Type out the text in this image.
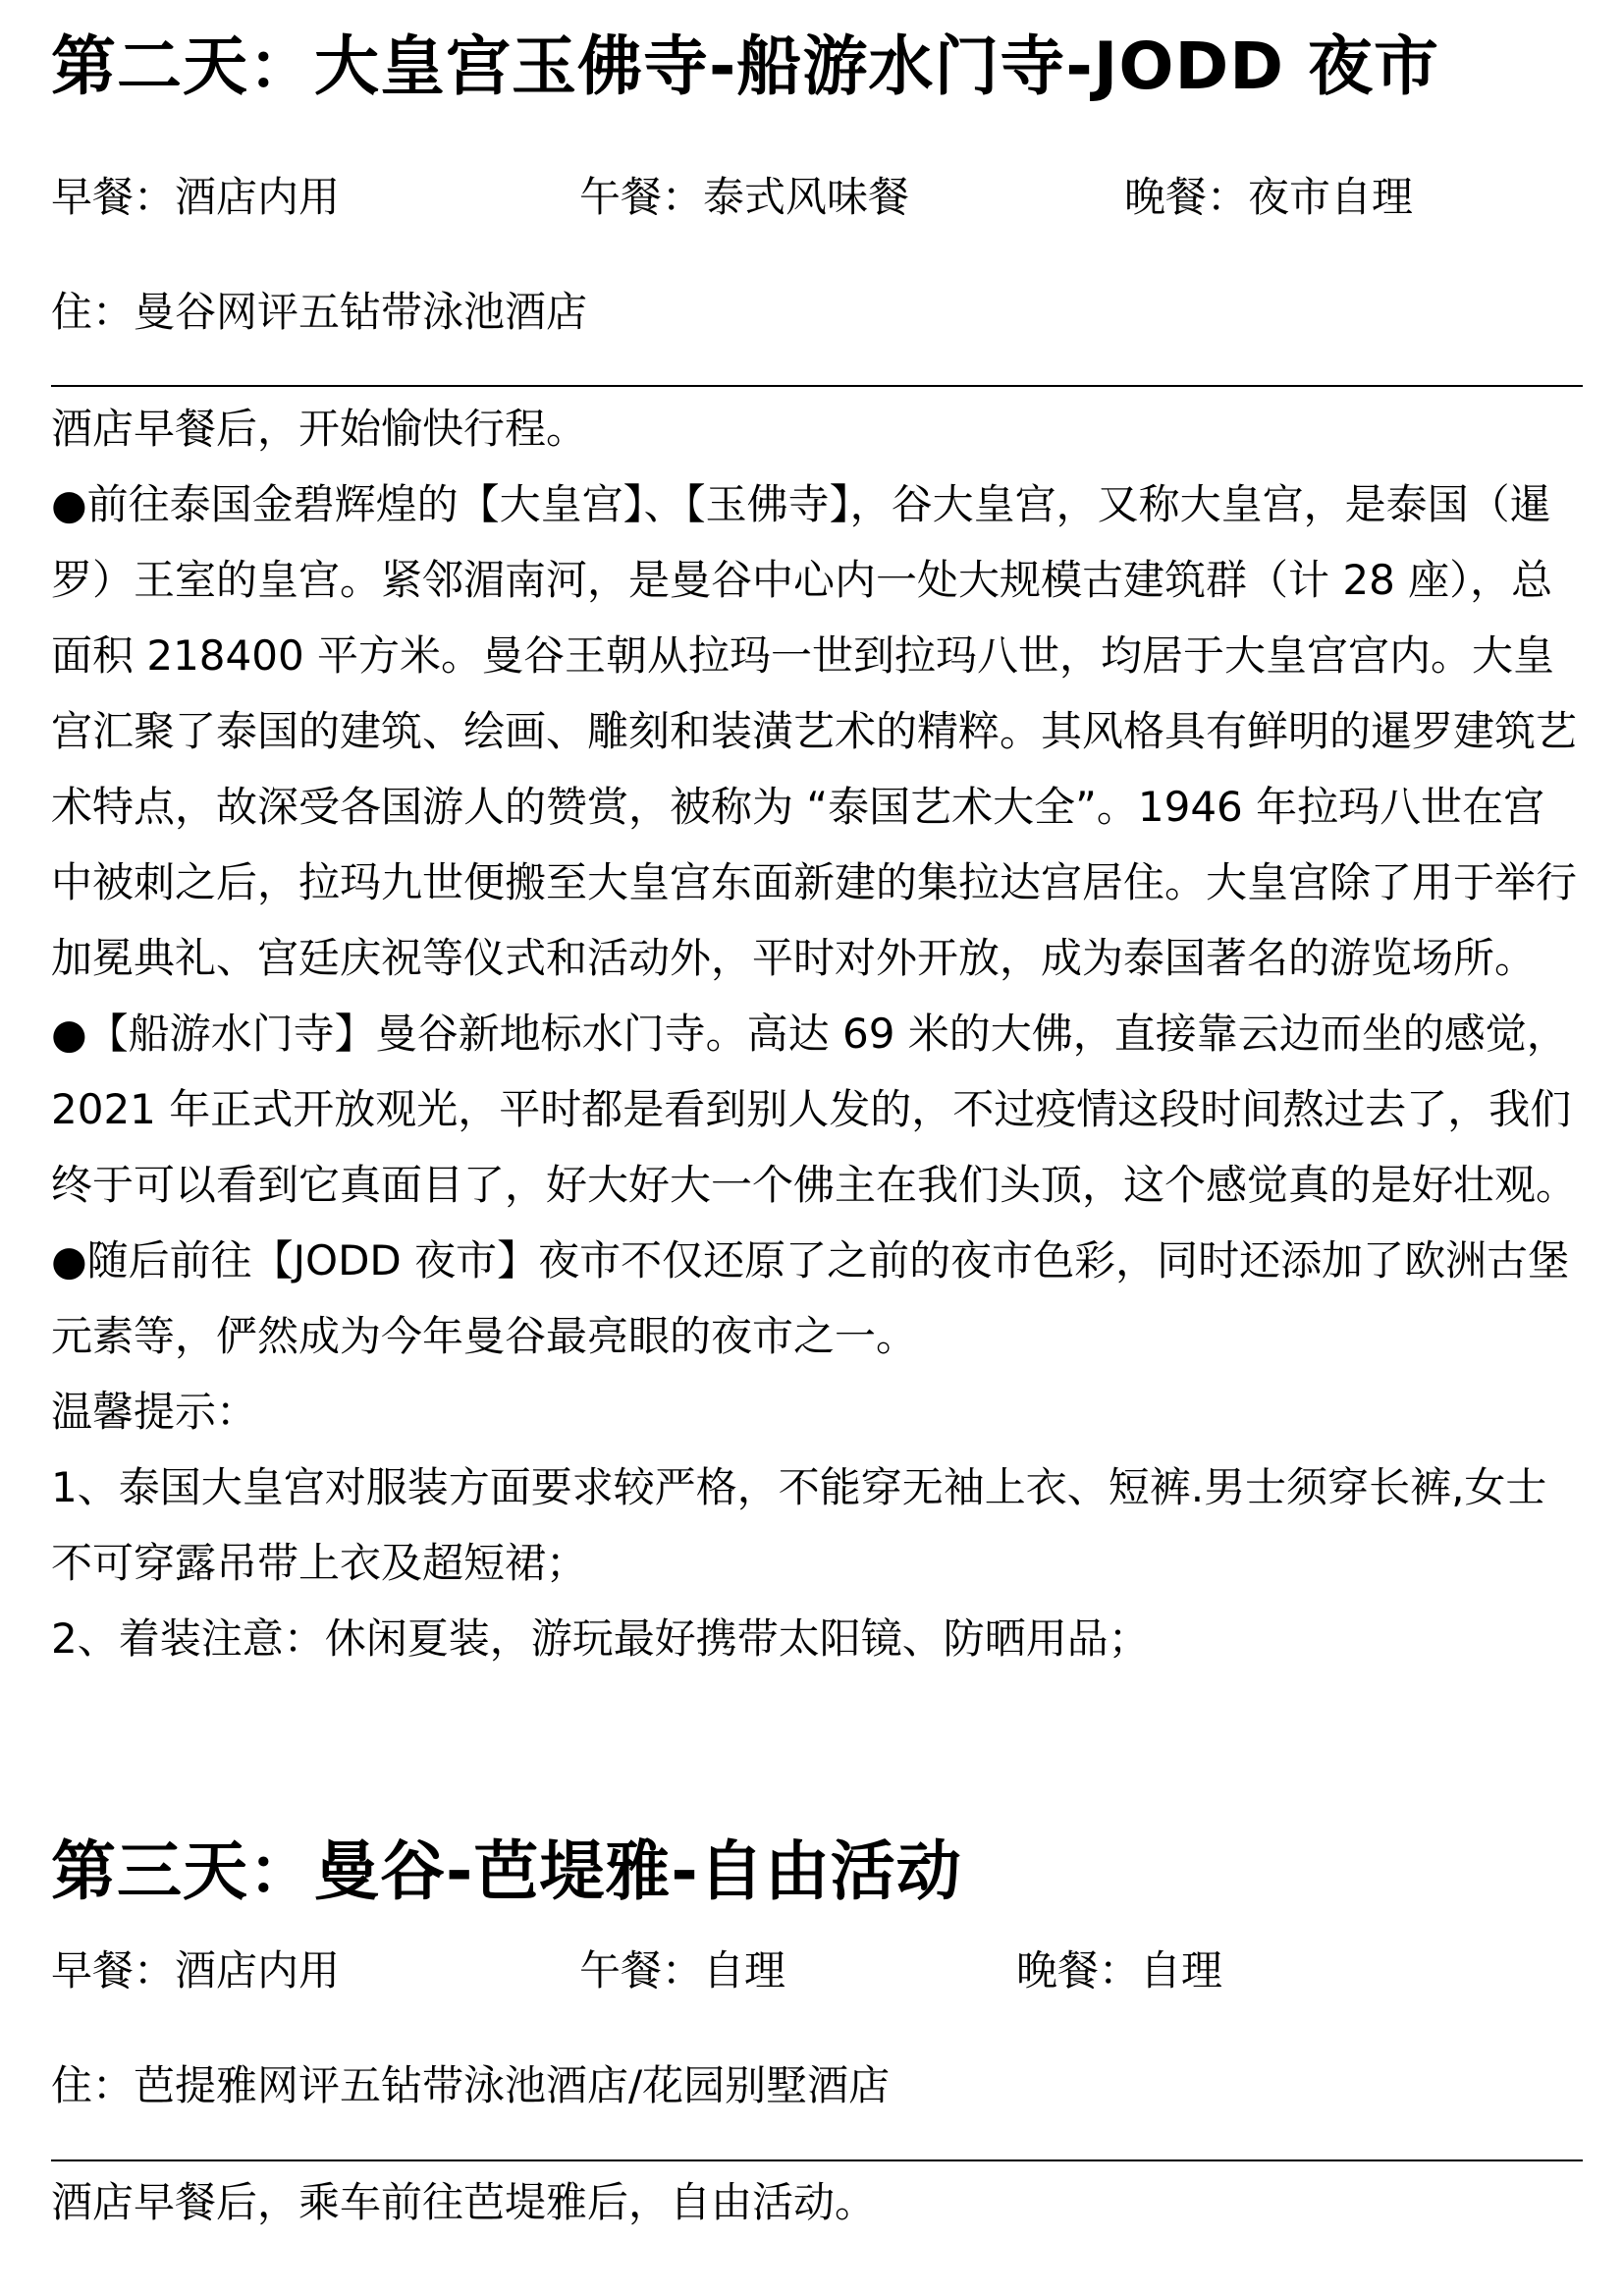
第二天：大皇宫玉佛寺-船游水门寺-JODD 夜市
早餐：酒店内用	午餐：泰式风味餐	晚餐：夜市自理
住：曼谷网评五钻带泳池酒店

酒店早餐后，开始愉快行程。

●前往泰国金碧辉煌的【大皇宫】、【玉佛寺】，谷大皇宫，又称大皇宫，是泰国（暹罗）王室的皇宫。紧邻湄南河，是曼谷中心内一处大规模古建筑群（计 28 座），总面积 218400 平方米。曼谷王朝从拉玛一世到拉玛八世，均居于大皇宫宫内。大皇宫汇聚了泰国的建筑、绘画、雕刻和装潢艺术的精粹。其风格具有鲜明的暹罗建筑艺术特点，故深受各国游人的赞赏，被称为 “泰国艺术大全”。1946 年拉玛八世在宫中被刺之后，拉玛九世便搬至大皇宫东面新建的集拉达宫居住。大皇宫除了用于举行加冕典礼、宫廷庆祝等仪式和活动外，平时对外开放，成为泰国著名的游览场所。

●【船游水门寺】曼谷新地标水门寺。高达 69 米的大佛，直接靠云边而坐的感觉，2021 年正式开放观光，平时都是看到别人发的，不过疫情这段时间熬过去了，我们终于可以看到它真面目了，好大好大一个佛主在我们头顶，这个感觉真的是好壮观。

●随后前往【JODD 夜市】夜市不仅还原了之前的夜市色彩，同时还添加了欧洲古堡元素等，俨然成为今年曼谷最亮眼的夜市之一。

温馨提示：

1、泰国大皇宫对服装方面要求较严格，不能穿无袖上衣、短裤.男士须穿长裤,女士不可穿露吊带上衣及超短裙；

2、着装注意：休闲夏装，游玩最好携带太阳镜、防晒用品；

第三天：曼谷-芭堤雅-自由活动
早餐：酒店内用	午餐：自理	晚餐：自理
住：芭提雅网评五钻带泳池酒店/花园别墅酒店

酒店早餐后，乘车前往芭堤雅后，自由活动。
